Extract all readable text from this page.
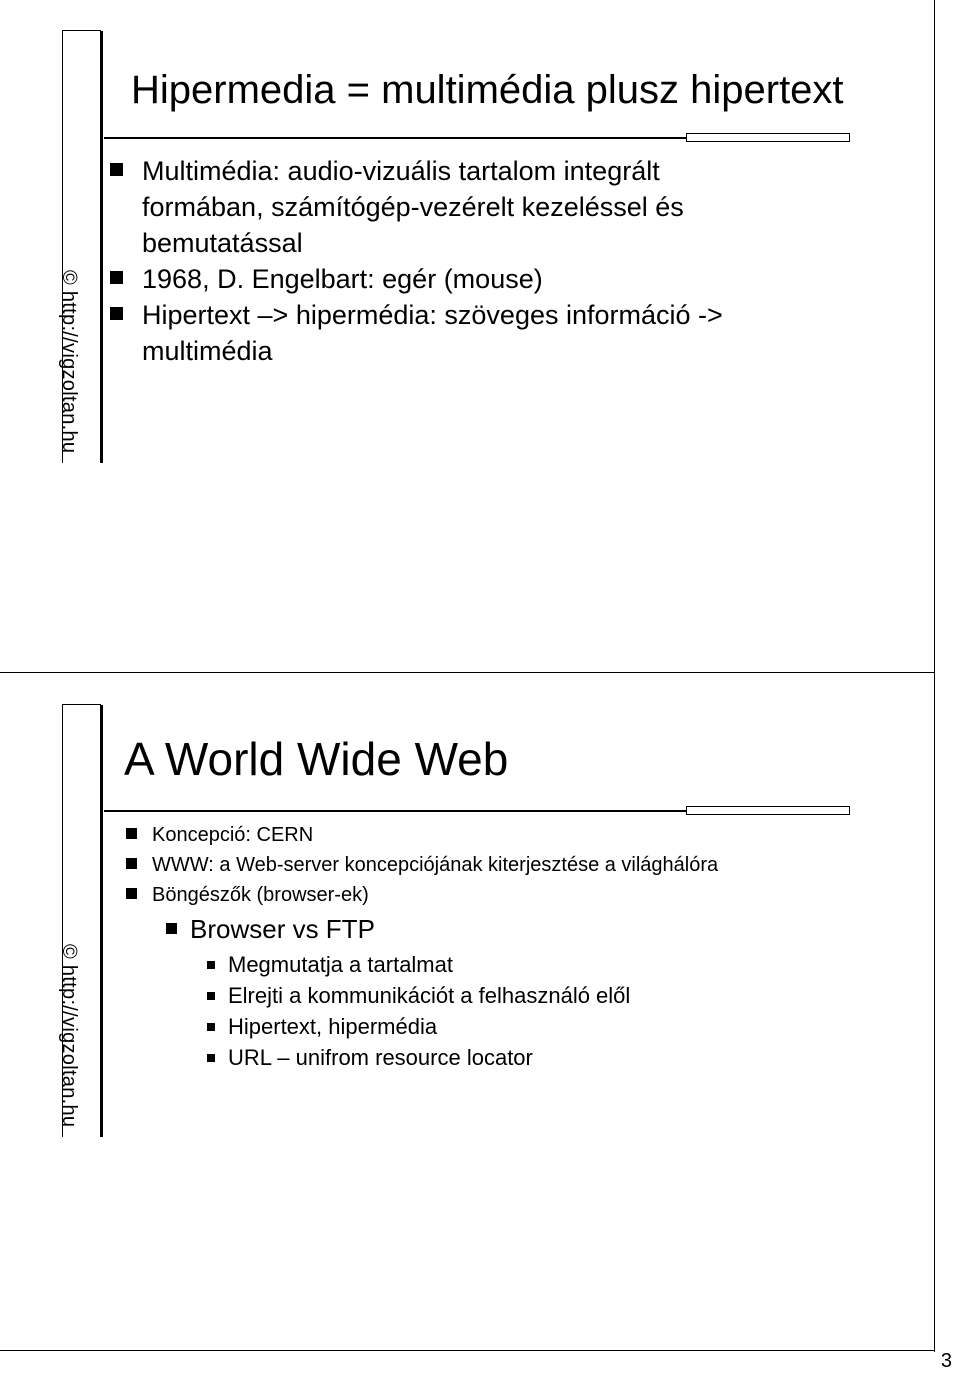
© http://vigzoltan.hu
Hipermedia = multimédia plusz hipertext
Multimédia: audio-vizuális tartalom integrált
formában, számítógép-vezérelt kezeléssel és
bemutatással
1968, D. Engelbart: egér (mouse)
Hipertext –> hipermédia: szöveges információ ->
multimédia
© http://vigzoltan.hu
A World Wide Web
Koncepció: CERN
WWW: a Web-server koncepciójának kiterjesztése a világhálóra
Böngészők (browser-ek)
Browser vs FTP
Megmutatja a tartalmat
Elrejti a kommunikációt a felhasználó elől
Hipertext, hipermédia
URL – unifrom resource locator
3
